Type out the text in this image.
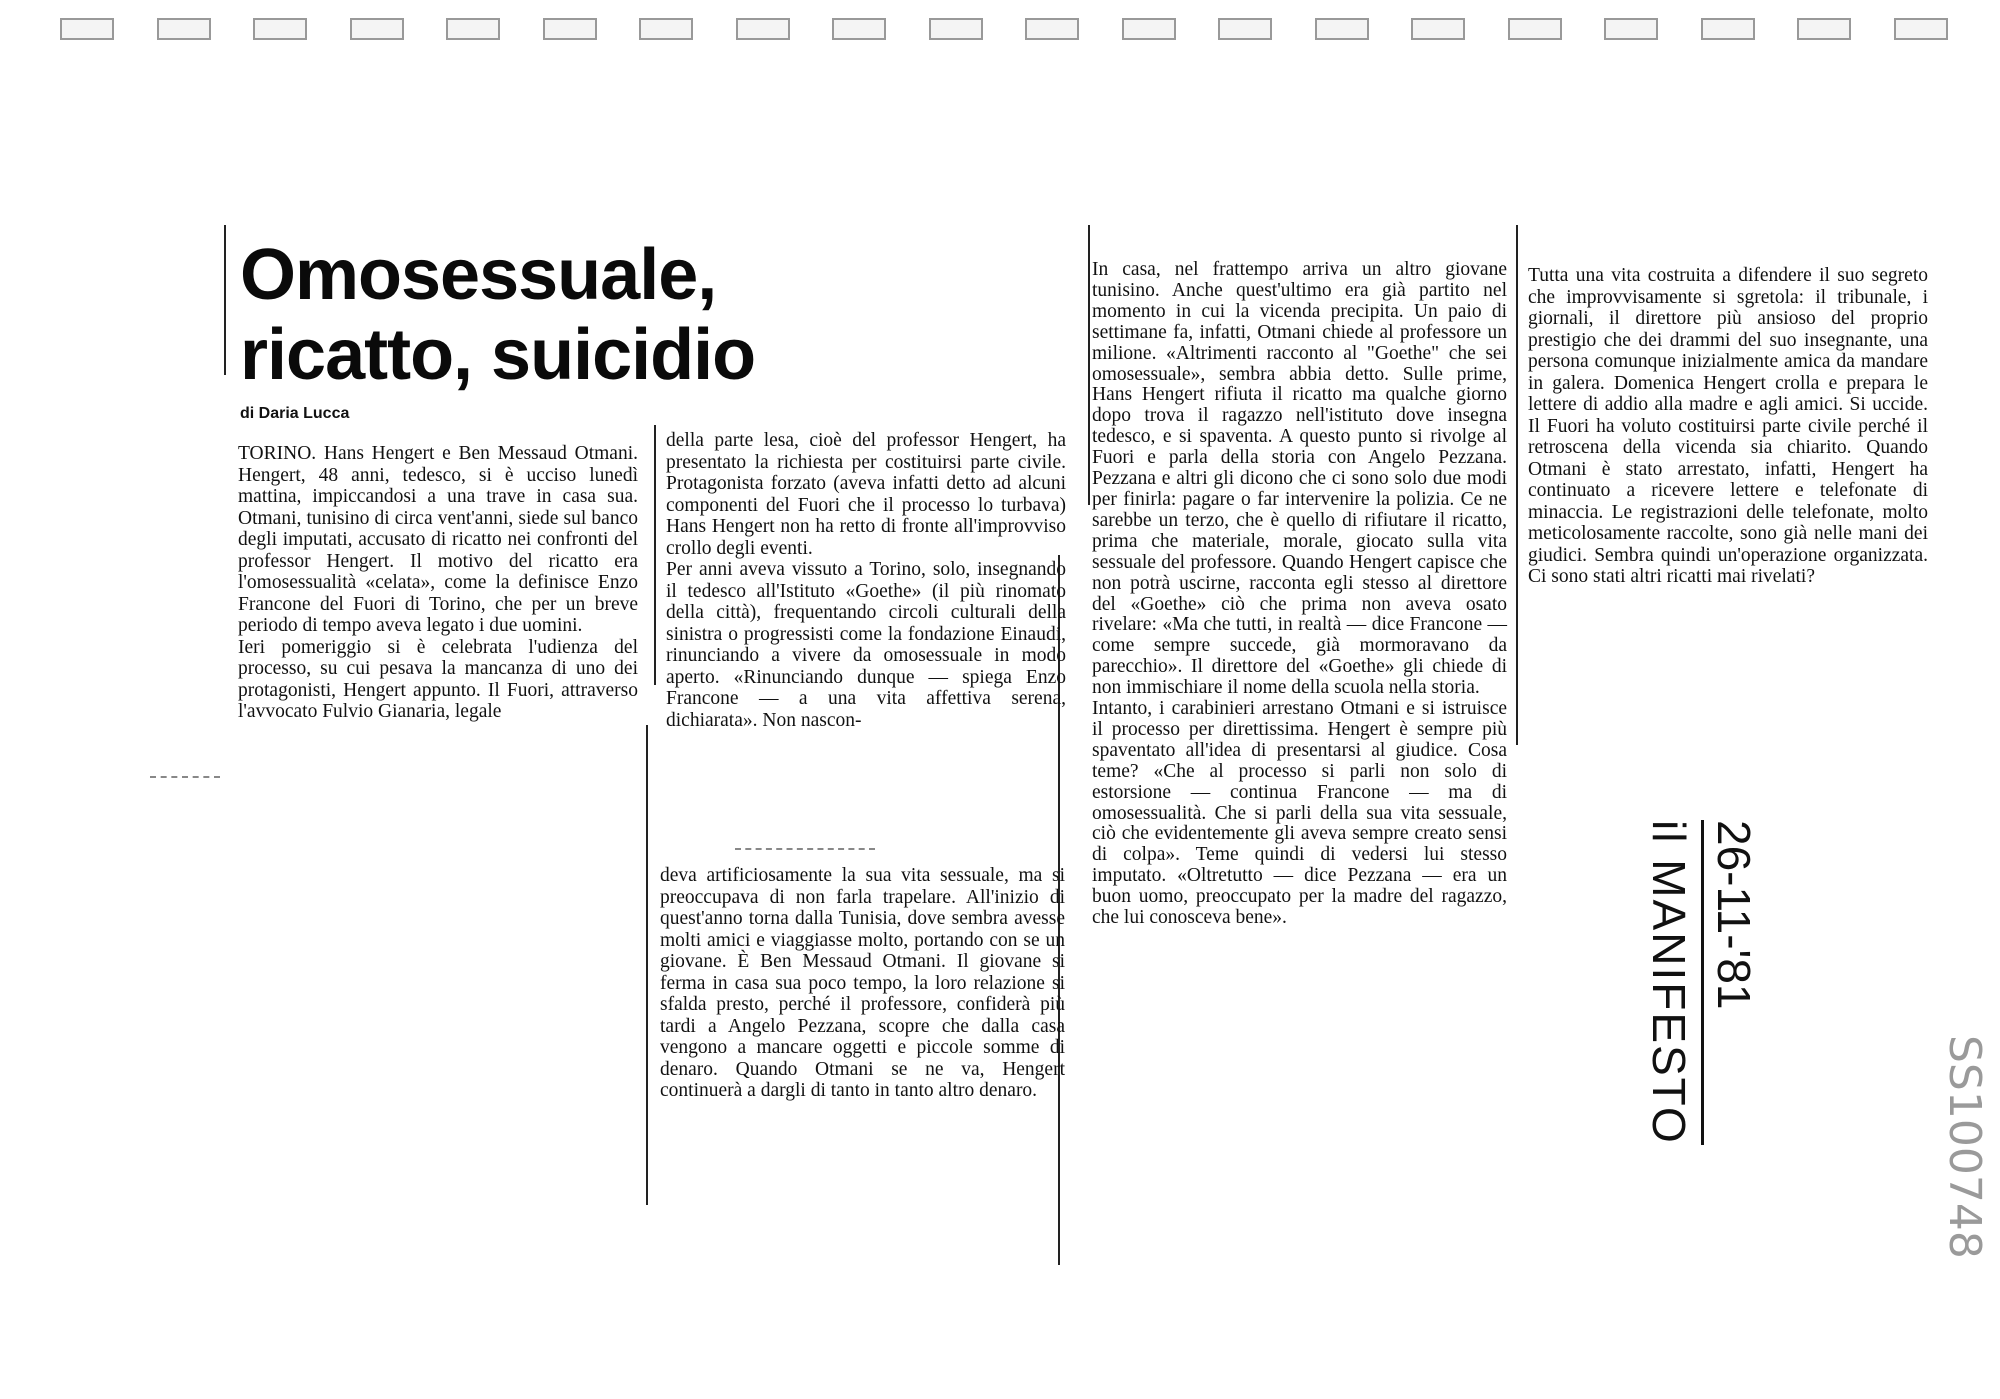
Omosessuale,
ricatto, suicidio
di Daria Lucca

TORINO. Hans Hengert e Ben Messaud Otmani. Hengert, 48 anni, tedesco, si è ucciso lunedì mattina, impiccandosi a una trave in casa sua. Otmani, tunisino di circa vent'anni, siede sul banco degli imputati, accusato di ricatto nei confronti del professor Hengert. Il motivo del ricatto era l'omosessualità «celata», come la definisce Enzo Francone del Fuori di Torino, che per un breve periodo di tempo aveva legato i due uomini.

Ieri pomeriggio si è celebrata l'udienza del processo, su cui pesava la mancanza di uno dei protagonisti, Hengert appunto. Il Fuori, attraverso l'avvocato Fulvio Gianaria, legale

della parte lesa, cioè del professor Hengert, ha presentato la richiesta per costituirsi parte civile. Protagonista forzato (aveva infatti detto ad alcuni componenti del Fuori che il processo lo turbava) Hans Hengert non ha retto di fronte all'improvviso crollo degli eventi.

Per anni aveva vissuto a Torino, solo, insegnando il tedesco all'Istituto «Goethe» (il più rinomato della città), frequentando circoli culturali della sinistra o progressisti come la fondazione Einaudi, rinunciando a vivere da omosessuale in modo aperto. «Rinunciando dunque — spiega Enzo Francone — a una vita affettiva serena, dichiarata». Non nascon-

deva artificiosamente la sua vita sessuale, ma si preoccupava di non farla trapelare. All'inizio di quest'anno torna dalla Tunisia, dove sembra avesse molti amici e viaggiasse molto, portando con se un giovane. È Ben Messaud Otmani. Il giovane si ferma in casa sua poco tempo, la loro relazione si sfalda presto, perché il professore, confiderà più tardi a Angelo Pezzana, scopre che dalla casa vengono a mancare oggetti e piccole somme di denaro. Quando Otmani se ne va, Hengert continuerà a dargli di tanto in tanto altro denaro.

In casa, nel frattempo arriva un altro giovane tunisino. Anche quest'ultimo era già partito nel momento in cui la vicenda precipita. Un paio di settimane fa, infatti, Otmani chiede al professore un milione. «Altrimenti racconto al "Goethe" che sei omosessuale», sembra abbia detto. Sulle prime, Hans Hengert rifiuta il ricatto ma qualche giorno dopo trova il ragazzo nell'istituto dove insegna tedesco, e si spaventa. A questo punto si rivolge al Fuori e parla della storia con Angelo Pezzana. Pezzana e altri gli dicono che ci sono solo due modi per finirla: pagare o far intervenire la polizia. Ce ne sarebbe un terzo, che è quello di rifiutare il ricatto, prima che materiale, morale, giocato sulla vita sessuale del professore. Quando Hengert capisce che non potrà uscirne, racconta egli stesso al direttore del «Goethe» ciò che prima non aveva osato rivelare: «Ma che tutti, in realtà — dice Francone — come sempre succede, già mormoravano da parecchio». Il direttore del «Goethe» gli chiede di non immischiare il nome della scuola nella storia.

Intanto, i carabinieri arrestano Otmani e si istruisce il processo per direttissima. Hengert è sempre più spaventato all'idea di presentarsi al giudice. Cosa teme? «Che al processo si parli non solo di estorsione — continua Francone — ma di omosessualità. Che si parli della sua vita sessuale, ciò che evidentemente gli aveva sempre creato sensi di colpa». Teme quindi di vedersi lui stesso imputato. «Oltretutto — dice Pezzana — era un buon uomo, preoccupato per la madre del ragazzo, che lui conosceva bene».

Tutta una vita costruita a difendere il suo segreto che improvvisamente si sgretola: il tribunale, i giornali, il direttore più ansioso del proprio prestigio che dei drammi del suo insegnante, una persona comunque inizialmente amica da mandare in galera. Domenica Hengert crolla e prepara le lettere di addio alla madre e agli amici. Si uccide. Il Fuori ha voluto costituirsi parte civile perché il retroscena della vicenda sia chiarito. Quando Otmani è stato arrestato, infatti, Hengert ha continuato a ricevere lettere e telefonate di minaccia. Le registrazioni delle telefonate, molto meticolosamente raccolte, sono già nelle mani dei giudici. Sembra quindi un'operazione organizzata. Ci sono stati altri ricatti mai rivelati?

26-11-'81
il MANIFESTO
SS100748
